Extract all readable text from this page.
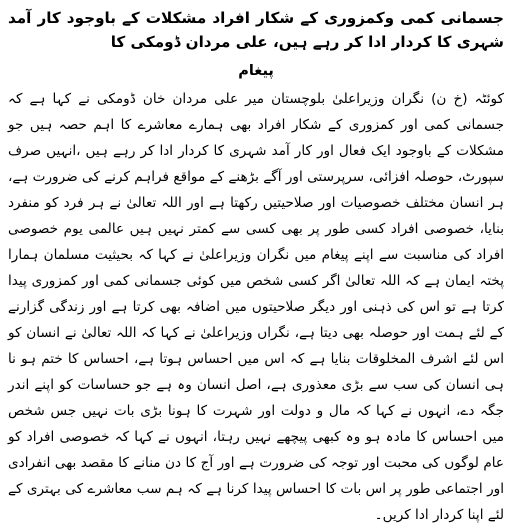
جسمانی کمی وکمزوری کے شکار افراد مشکلات کے باوجود کار آمد شہری کا کردار ادا کر رہے ہیں، علی مردان ڈومکی کا
پیغام

کوئٹہ (خ ن) نگران وزیراعلیٰ بلوچستان میر علی مردان خان ڈومکی نے کہا ہے کہ جسمانی کمی اور کمزوری کے شکار افراد بھی ہمارے معاشرے کا اہم حصہ ہیں جو مشکلات کے باوجود ایک فعال اور کار آمد شہری کا کردار ادا کر رہے ہیں ،انہیں صرف سپورٹ، حوصلہ افزائی، سرپرستی اور آگے بڑھنے کے مواقع فراہم کرنے کی ضرورت ہے، ہر انسان مختلف خصوصیات اور صلاحیتیں رکھتا ہے اور اللہ تعالیٰ نے ہر فرد کو منفرد بنایا، خصوصی افراد کسی طور پر بھی کسی سے کمتر نہیں ہیں عالمی یوم خصوصی افراد کی مناسبت سے اپنے پیغام میں نگران وزیراعلیٰ نے کہا کہ بحیثیت مسلمان ہمارا پختہ ایمان ہے کہ اللہ تعالیٰ اگر کسی شخص میں کوئی جسمانی کمی اور کمزوری پیدا کرتا ہے تو اس کی ذہنی اور دیگر صلاحیتوں میں اضافہ بھی کرتا ہے اور زندگی گزارنے کے لئے ہمت اور حوصلہ بھی دیتا ہے، نگراں وزیراعلیٰ نے کہا کہ اللہ تعالیٰ نے انسان کو اس لئے اشرف المخلوقات بنایا ہے کہ اس میں احساس ہوتا ہے، احساس کا ختم ہو نا ہی انسان کی سب سے بڑی معذوری ہے، اصل انسان وہ ہے جو حساسات کو اپنے اندر جگہ دے، انہوں نے کہا کہ مال و دولت اور شہرت کا ہونا بڑی بات نہیں جس شخص میں احساس کا مادہ ہو وہ کبھی پیچھے نہیں رہتا، انہوں نے کہا کہ خصوصی افراد کو عام لوگوں کی محبت اور توجہ کی ضرورت ہے اور آج کا دن منانے کا مقصد بھی انفرادی اور اجتماعی طور پر اس بات کا احساس پیدا کرنا ہے کہ ہم سب معاشرے کی بہتری کے لئے اپنا کردار ادا کریں۔
